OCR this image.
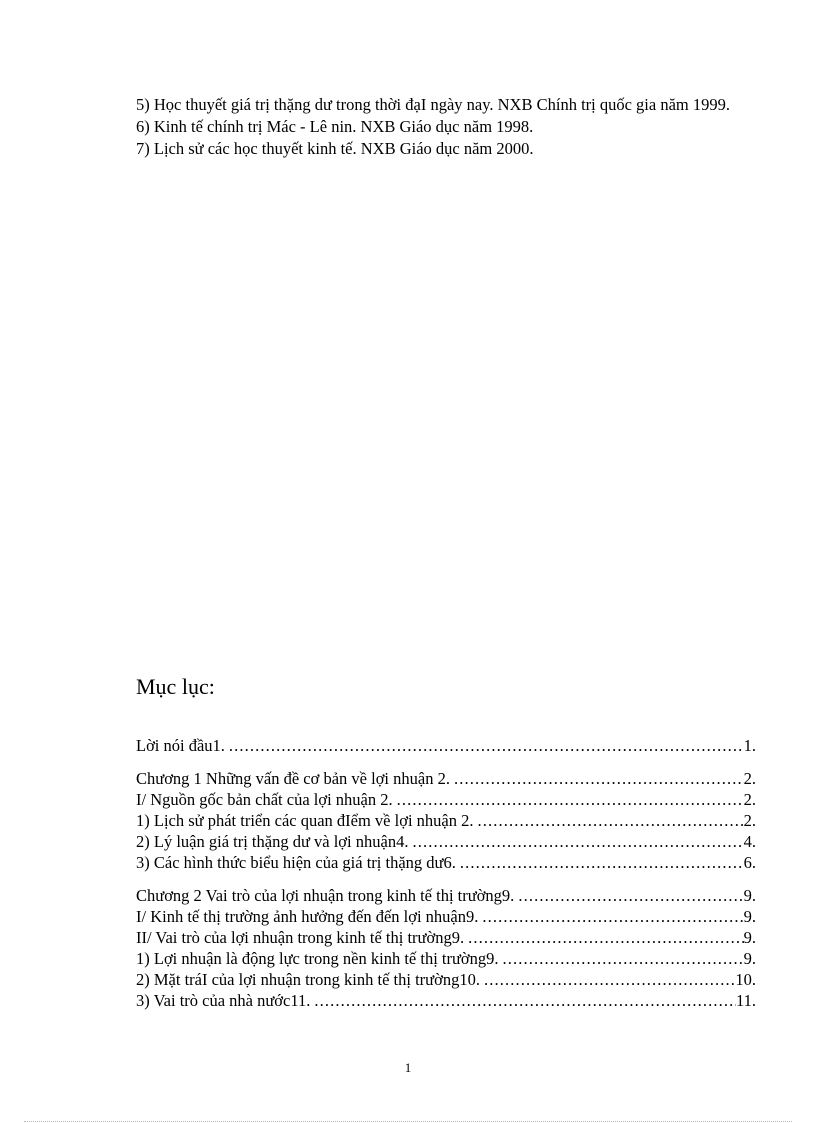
5) Học thuyết giá trị thặng dư trong thời đạI ngày nay. NXB Chính trị quốc gia năm 1999.

6) Kinh tế chính trị Mác - Lê nin. NXB Giáo dục năm 1998.

7) Lịch sử các học thuyết kinh tế. NXB Giáo dục năm 2000.

Mục lục:
Lời nói đầu1. . . .	1.
Chương 1 Những vấn đề cơ bản về lợi nhuận 2. . . .	2.
I/ Nguồn gốc bản chất của lợi nhuận 2. . . .	2.
1) Lịch sử phát triển các quan đIểm về lợi nhuận 2. . . .	2.
2) Lý luận giá trị thặng dư và lợi nhuận4. . . .	4.
3) Các hình thức biểu hiện của giá trị thặng dư6. . . .	6.
Chương 2 Vai trò của lợi nhuận trong kinh tế thị trường9. . . .	9.
I/ Kinh tế thị trường ảnh hưởng đến đến lợi nhuận9. . . .	9.
II/ Vai trò của lợi nhuận trong kinh tế thị trường9. . . .	9.
1) Lợi nhuận là động lực trong nền kinh tế thị trường9. . . .	9.
2) Mặt tráI của lợi nhuận trong kinh tế thị trường10. . . .	10.
3) Vai trò của nhà nước11. . . .	11.
1
